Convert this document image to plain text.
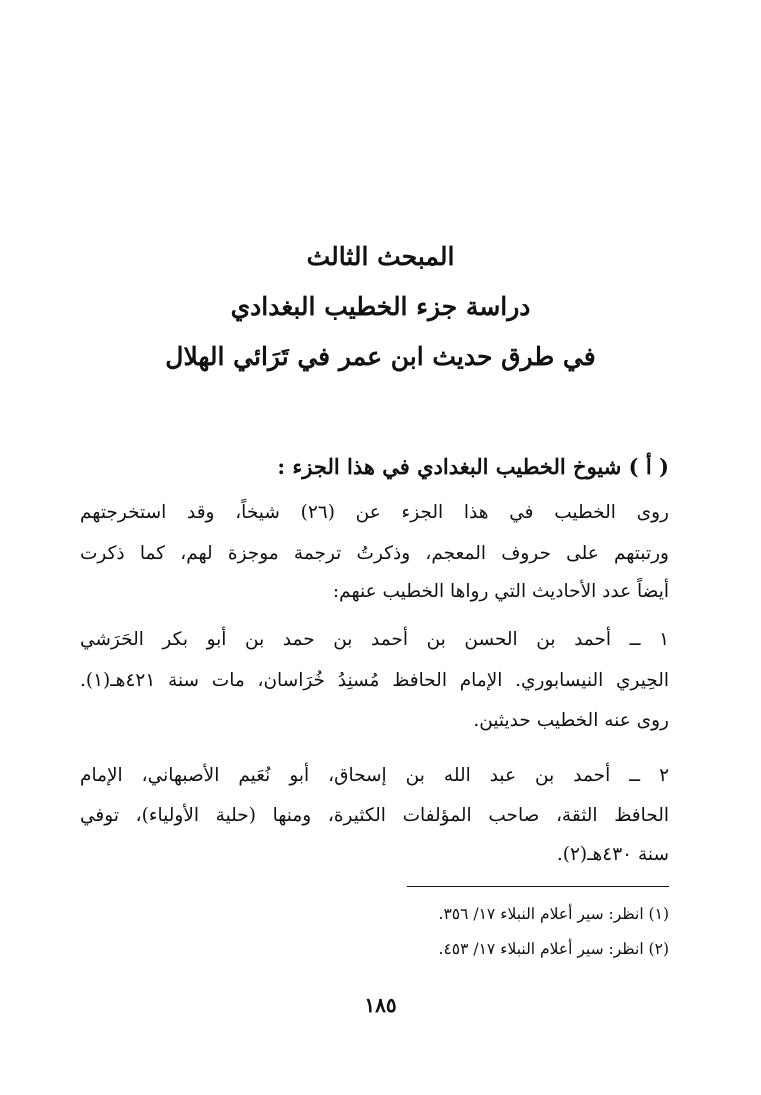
المبحث الثالث
دراسة جزء الخطيب البغدادي
في طرق حديث ابن عمر في تَرَائي الهلال
( أ ) شيوخ الخطيب البغدادي في هذا الجزء :
روى الخطيب في هذا الجزء عن (٢٦) شيخاً، وقد استخرجتهم
ورتبتهم على حروف المعجم، وذكرتُ ترجمة موجزة لهم، كما ذكرت
أيضاً عدد الأحاديث التي رواها الخطيب عنهم:
١ ــ أحمد بن الحسن بن أحمد بن حمد بن أبو بكر الحَرَشي
الحِيري النيسابوري. الإمام الحافظ مُسنِدُ خُرَاسان، مات سنة ٤٢١هـ(١).
روى عنه الخطيب حديثين.
٢ ــ أحمد بن عبد الله بن إسحاق، أبو نُعَيم الأصبهاني، الإمام
الحافظ الثقة، صاحب المؤلفات الكثيرة، ومنها (حلية الأولياء)، توفي
سنة ٤٣٠هـ(٢).
(١) انظر: سير أعلام النبلاء ١٧/ ٣٥٦.
(٢) انظر: سير أعلام النبلاء ١٧/ ٤٥٣.
١٨٥
